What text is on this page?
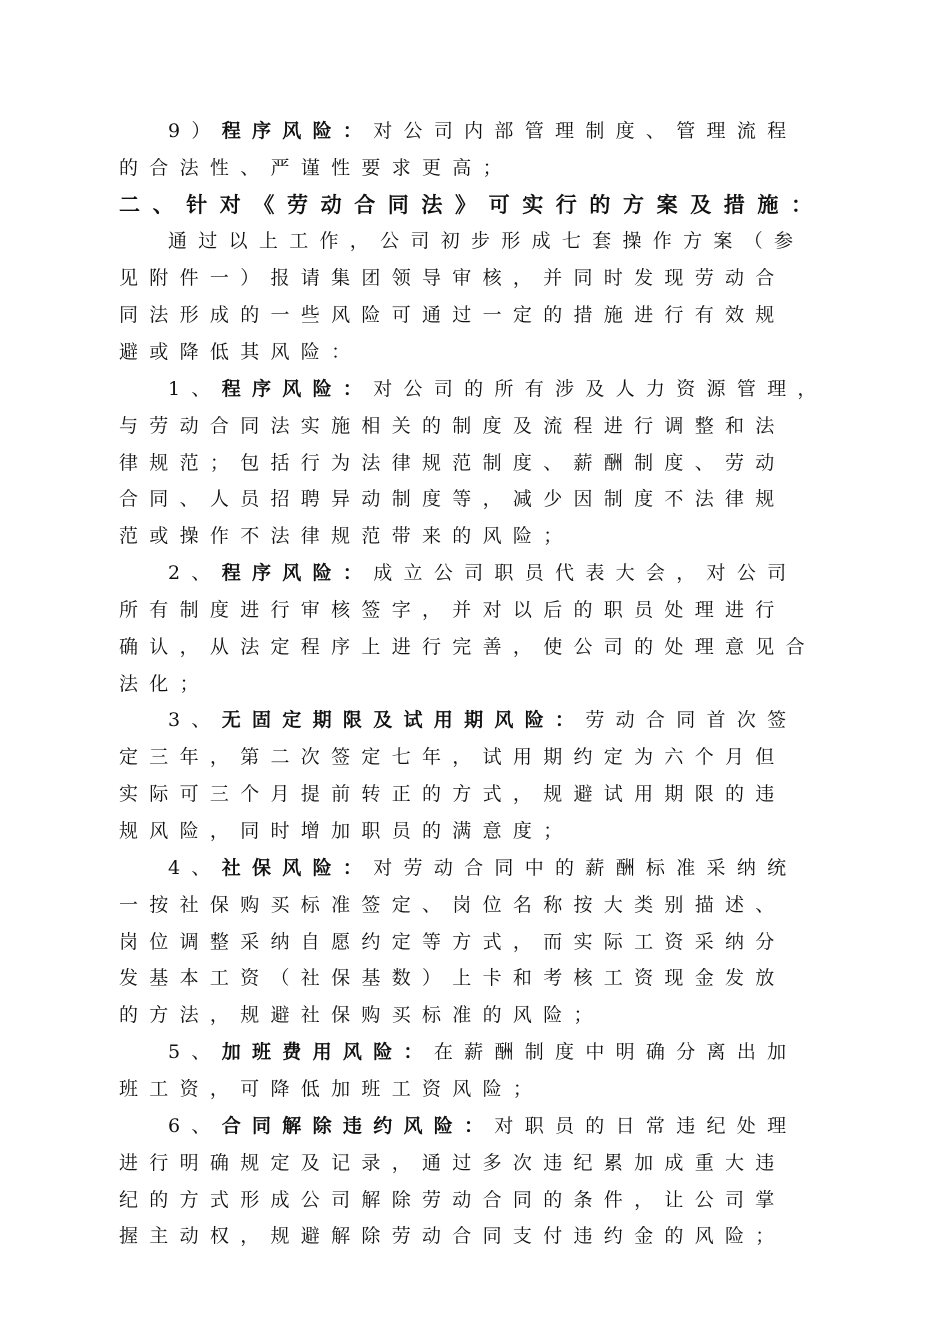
9）程序风险：对公司内部管理制度、管理流程
的合法性、严谨性要求更高；
二、针对《劳动合同法》可实行的方案及措施：
通过以上工作，公司初步形成七套操作方案（参
见附件一）报请集团领导审核，并同时发现劳动合
同法形成的一些风险可通过一定的措施进行有效规
避或降低其风险：
1、程序风险：对公司的所有涉及人力资源管理，
与劳动合同法实施相关的制度及流程进行调整和法
律规范；包括行为法律规范制度、薪酬制度、劳动
合同、人员招聘异动制度等，减少因制度不法律规
范或操作不法律规范带来的风险；
2、程序风险：成立公司职员代表大会，对公司
所有制度进行审核签字，并对以后的职员处理进行
确认，从法定程序上进行完善，使公司的处理意见合
法化；
3、无固定期限及试用期风险：劳动合同首次签
定三年，第二次签定七年，试用期约定为六个月但
实际可三个月提前转正的方式，规避试用期限的违
规风险，同时增加职员的满意度；
4、社保风险：对劳动合同中的薪酬标准采纳统
一按社保购买标准签定、岗位名称按大类别描述、
岗位调整采纳自愿约定等方式，而实际工资采纳分
发基本工资（社保基数）上卡和考核工资现金发放
的方法，规避社保购买标准的风险；
5、加班费用风险：在薪酬制度中明确分离出加
班工资，可降低加班工资风险；
6、合同解除违约风险：对职员的日常违纪处理
进行明确规定及记录，通过多次违纪累加成重大违
纪的方式形成公司解除劳动合同的条件，让公司掌
握主动权，规避解除劳动合同支付违约金的风险；
